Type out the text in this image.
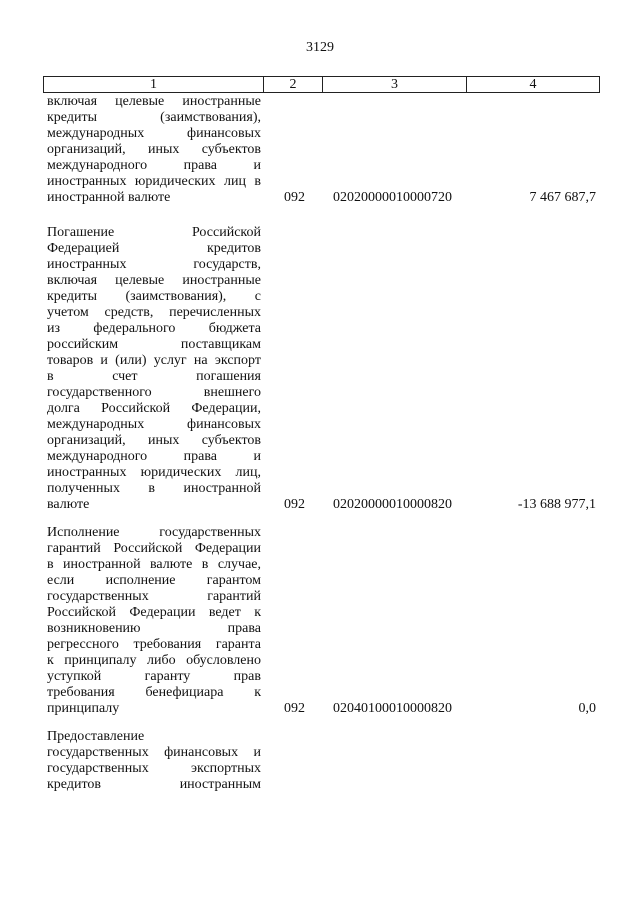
3129
1	2	3	4
включая целевые иностранные
кредиты (заимствования),
международных финансовых
организаций, иных субъектов
международного права и
иностранных юридических лиц в
иностранной валюте	092 02020000010000720	7 467 687,7
Погашение Российской
Федерацией кредитов
иностранных государств,
включая целевые иностранные
кредиты (заимствования), с
учетом средств, перечисленных
из федерального бюджета
российским поставщикам
товаров и (или) услуг на экспорт
в счет погашения
государственного внешнего
долга Российской Федерации,
международных финансовых
организаций, иных субъектов
международного права и
иностранных юридических лиц,
полученных в иностранной
валюте	092 02020000010000820	-13 688 977,1
Исполнение государственных
гарантий Российской Федерации
в иностранной валюте в случае,
если исполнение гарантом
государственных гарантий
Российской Федерации ведет к
возникновению права
регрессного требования гаранта
к принципалу либо обусловлено
уступкой гаранту прав
требования бенефициара к
принципалу	092 02040100010000820	0,0
Предоставление
государственных финансовых и
государственных экспортных
кредитов иностранным
